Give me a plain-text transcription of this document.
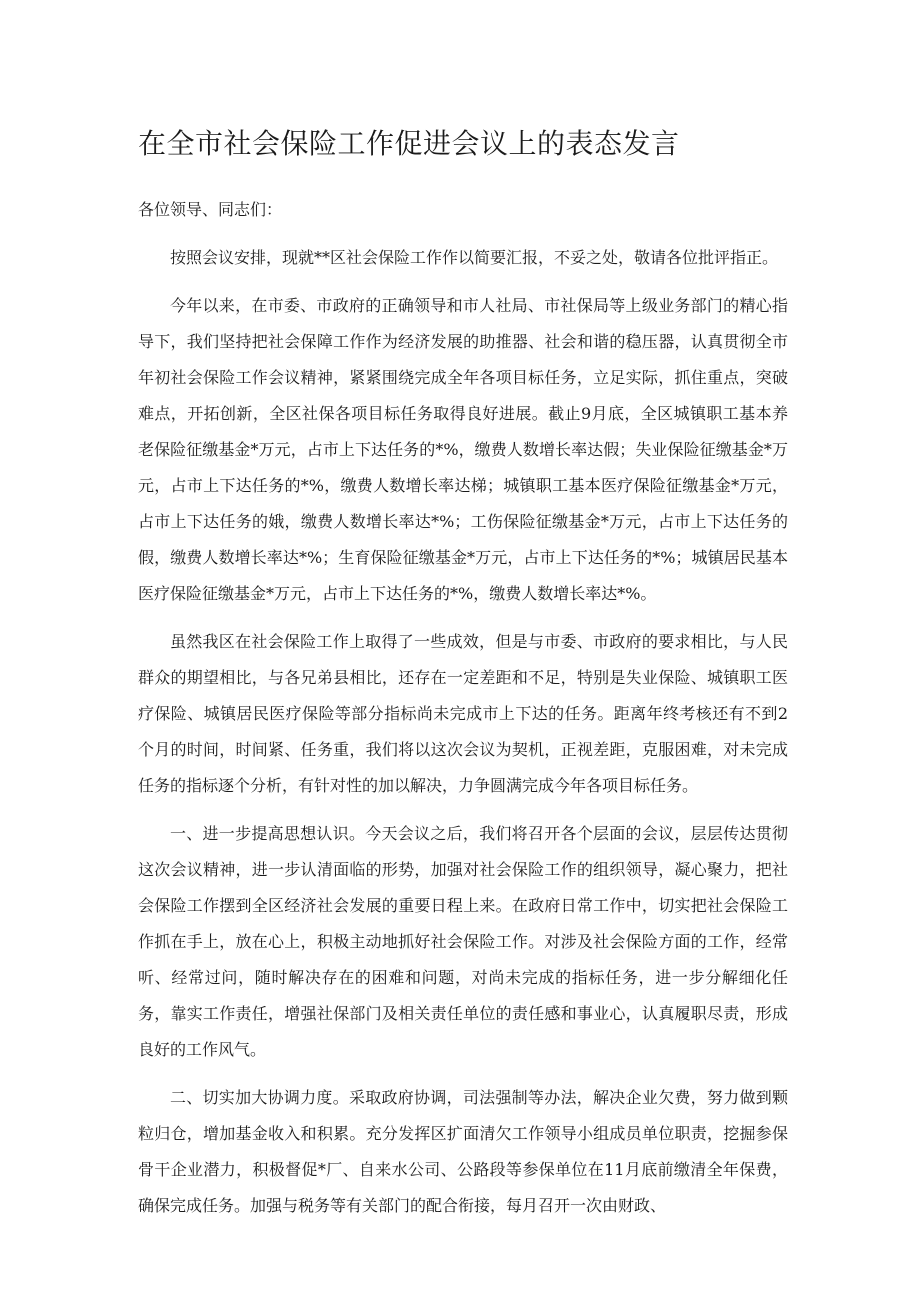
在全市社会保险工作促进会议上的表态发言

各位领导、同志们：

按照会议安排，现就**区社会保险工作作以简要汇报，不妥之处，敬请各位批评指正。

今年以来，在市委、市政府的正确领导和市人社局、市社保局等上级业务部门的精心指导下，我们坚持把社会保障工作作为经济发展的助推器、社会和谐的稳压器，认真贯彻全市年初社会保险工作会议精神，紧紧围绕完成全年各项目标任务，立足实际，抓住重点，突破难点，开拓创新，全区社保各项目标任务取得良好进展。截止9月底，全区城镇职工基本养老保险征缴基金*万元，占市上下达任务的*%，缴费人数增长率达假；失业保险征缴基金*万元，占市上下达任务的*%，缴费人数增长率达梯；城镇职工基本医疗保险征缴基金*万元，占市上下达任务的娥，缴费人数增长率达*%；工伤保险征缴基金*万元，占市上下达任务的假，缴费人数增长率达*%；生育保险征缴基金*万元，占市上下达任务的*%；城镇居民基本医疗保险征缴基金*万元，占市上下达任务的*%，缴费人数增长率达*%。

虽然我区在社会保险工作上取得了一些成效，但是与市委、市政府的要求相比，与人民群众的期望相比，与各兄弟县相比，还存在一定差距和不足，特别是失业保险、城镇职工医疗保险、城镇居民医疗保险等部分指标尚未完成市上下达的任务。距离年终考核还有不到2个月的时间，时间紧、任务重，我们将以这次会议为契机，正视差距，克服困难，对未完成任务的指标逐个分析，有针对性的加以解决，力争圆满完成今年各项目标任务。

一、进一步提高思想认识。今天会议之后，我们将召开各个层面的会议，层层传达贯彻这次会议精神，进一步认清面临的形势，加强对社会保险工作的组织领导，凝心聚力，把社会保险工作摆到全区经济社会发展的重要日程上来。在政府日常工作中，切实把社会保险工作抓在手上，放在心上，积极主动地抓好社会保险工作。对涉及社会保险方面的工作，经常听、经常过问，随时解决存在的困难和问题，对尚未完成的指标任务，进一步分解细化任务，靠实工作责任，增强社保部门及相关责任单位的责任感和事业心，认真履职尽责，形成良好的工作风气。

二、切实加大协调力度。采取政府协调，司法强制等办法，解决企业欠费，努力做到颗粒归仓，增加基金收入和积累。充分发挥区扩面清欠工作领导小组成员单位职责，挖掘参保骨干企业潜力，积极督促*厂、自来水公司、公路段等参保单位在11月底前缴清全年保费，确保完成任务。加强与税务等有关部门的配合衔接，每月召开一次由财政、
